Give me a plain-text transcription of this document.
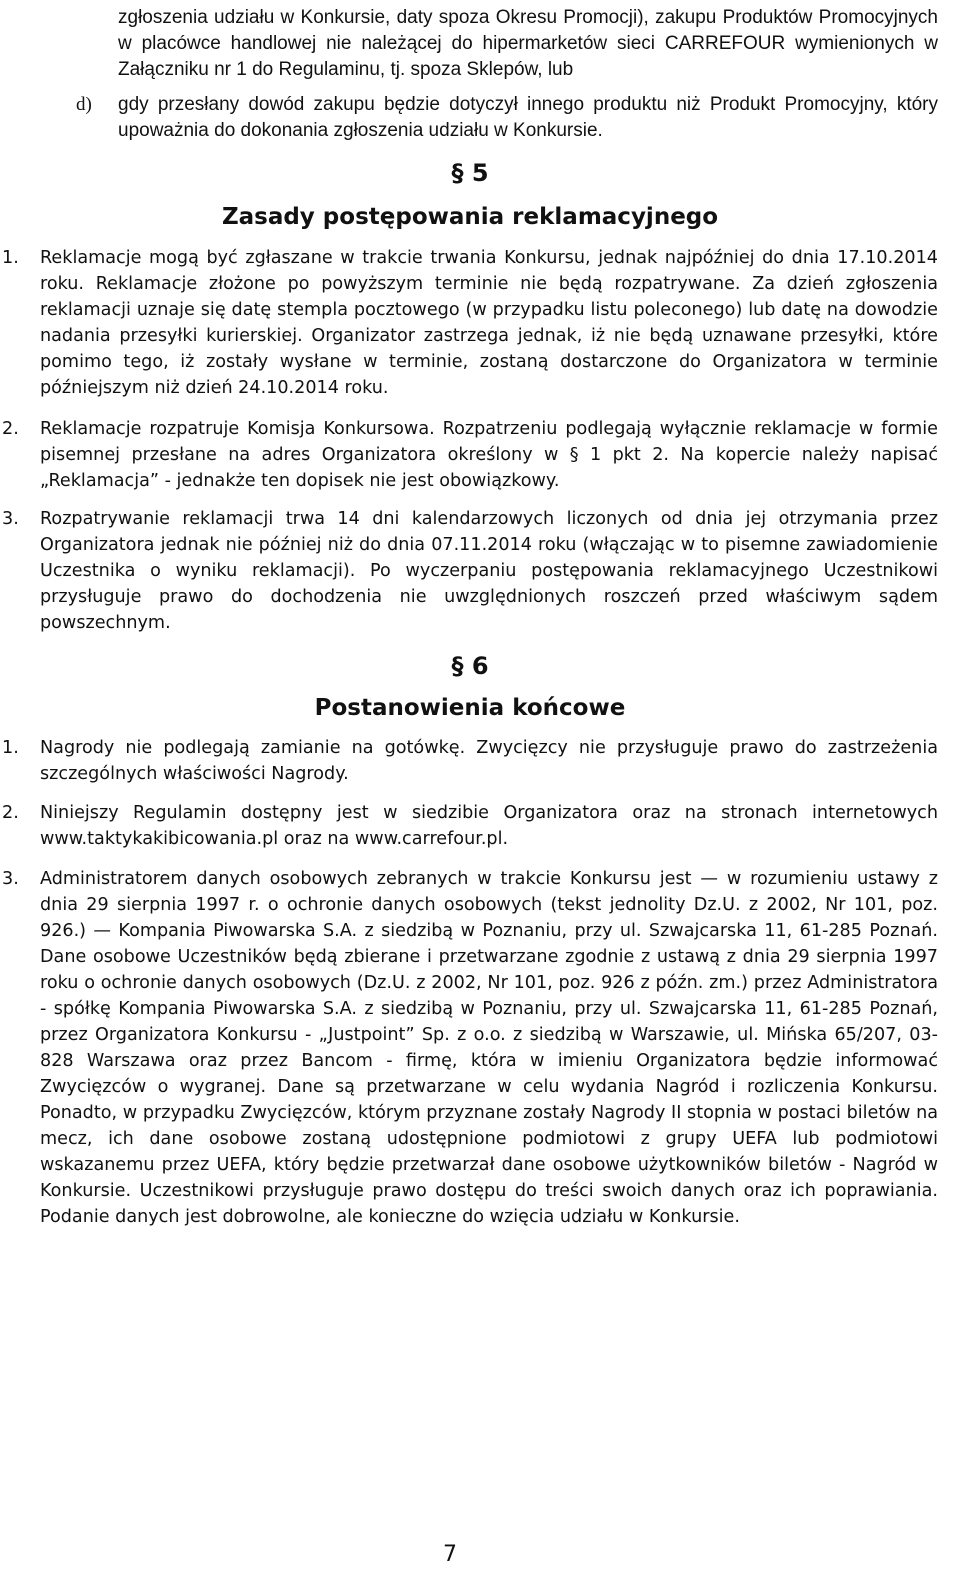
zgłoszenia udziału w Konkursie, daty spoza Okresu Promocji), zakupu Produktów Promocyjnych w placówce handlowej nie należącej do hipermarketów sieci CARREFOUR wymienionych w Załączniku nr 1 do Regulaminu, tj. spoza Sklepów, lub

d) gdy przesłany dowód zakupu będzie dotyczył innego produktu niż Produkt Promocyjny, który upoważnia do dokonania zgłoszenia udziału w Konkursie.

§ 5

Zasady postępowania reklamacyjnego

1. Reklamacje mogą być zgłaszane w trakcie trwania Konkursu, jednak najpóźniej do dnia 17.10.2014 roku. Reklamacje złożone po powyższym terminie nie będą rozpatrywane. Za dzień zgłoszenia reklamacji uznaje się datę stempla pocztowego (w przypadku listu poleconego) lub datę na dowodzie nadania przesyłki kurierskiej. Organizator zastrzega jednak, iż nie będą uznawane przesyłki, które pomimo tego, iż zostały wysłane w terminie, zostaną dostarczone do Organizatora w terminie późniejszym niż dzień 24.10.2014 roku.

2. Reklamacje rozpatruje Komisja Konkursowa. Rozpatrzeniu podlegają wyłącznie reklamacje w formie pisemnej przesłane na adres Organizatora określony w § 1 pkt 2. Na kopercie należy napisać „Reklamacja” - jednakże ten dopisek nie jest obowiązkowy.

3. Rozpatrywanie reklamacji trwa 14 dni kalendarzowych liczonych od dnia jej otrzymania przez Organizatora jednak nie później niż do dnia 07.11.2014 roku (włączając w to pisemne zawiadomienie Uczestnika o wyniku reklamacji). Po wyczerpaniu postępowania reklamacyjnego Uczestnikowi przysługuje prawo do dochodzenia nie uwzględnionych roszczeń przed właściwym sądem powszechnym.

§ 6

Postanowienia końcowe

1. Nagrody nie podlegają zamianie na gotówkę. Zwycięzcy nie przysługuje prawo do zastrzeżenia szczególnych właściwości Nagrody.

2. Niniejszy Regulamin dostępny jest w siedzibie Organizatora oraz na stronach internetowych www.taktykakibicowania.pl oraz na www.carrefour.pl.

3. Administratorem danych osobowych zebranych w trakcie Konkursu jest — w rozumieniu ustawy z dnia 29 sierpnia 1997 r. o ochronie danych osobowych (tekst jednolity Dz.U. z 2002, Nr 101, poz. 926.) — Kompania Piwowarska S.A. z siedzibą w Poznaniu, przy ul. Szwajcarska 11, 61-285 Poznań. Dane osobowe Uczestników będą zbierane i przetwarzane zgodnie z ustawą z dnia 29 sierpnia 1997 roku o ochronie danych osobowych (Dz.U. z 2002, Nr 101, poz. 926 z późn. zm.) przez Administratora - spółkę Kompania Piwowarska S.A. z siedzibą w Poznaniu, przy ul. Szwajcarska 11, 61-285 Poznań, przez Organizatora Konkursu - „Justpoint” Sp. z o.o. z siedzibą w Warszawie, ul. Mińska 65/207, 03-828 Warszawa oraz przez Bancom - firmę, która w imieniu Organizatora będzie informować Zwycięzców o wygranej. Dane są przetwarzane w celu wydania Nagród i rozliczenia Konkursu. Ponadto, w przypadku Zwycięzców, którym przyznane zostały Nagrody II stopnia w postaci biletów na mecz, ich dane osobowe zostaną udostępnione podmiotowi z grupy UEFA lub podmiotowi wskazanemu przez UEFA, który będzie przetwarzał dane osobowe użytkowników biletów - Nagród w Konkursie. Uczestnikowi przysługuje prawo dostępu do treści swoich danych oraz ich poprawiania. Podanie danych jest dobrowolne, ale konieczne do wzięcia udziału w Konkursie.

7
